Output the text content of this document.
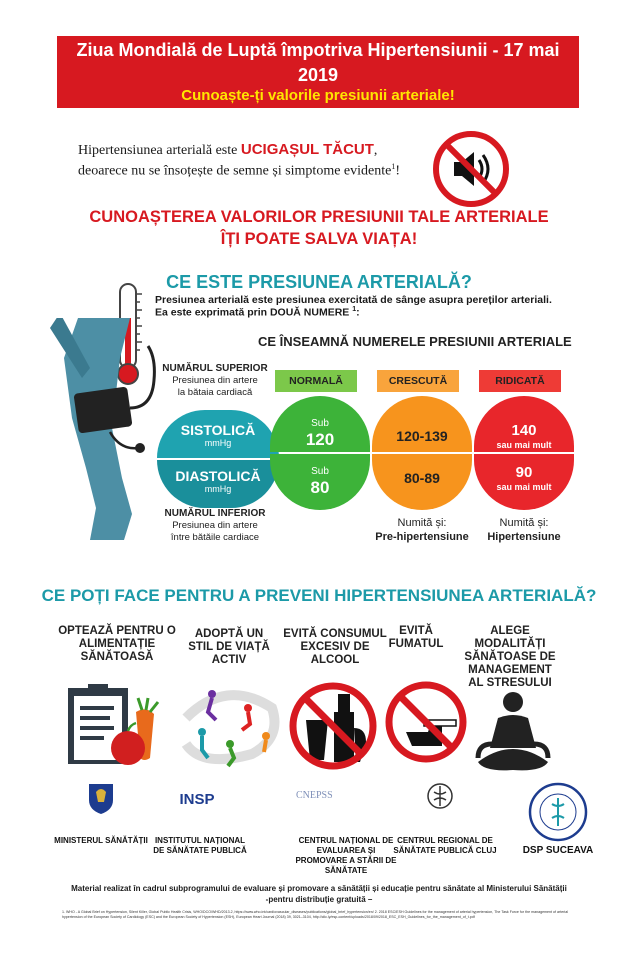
Ziua Mondială de Luptă împotriva Hipertensiunii - 17 mai
2019
Cunoaște-ți valorile presiunii arteriale!
Hipertensiunea arterială este UCIGAȘUL TĂCUT,
deoarece nu se însoțește de semne și simptome evidente$^1$!
CUNOAȘTEREA VALORILOR PRESIUNII TALE ARTERIALE
ÎȚI POATE SALVA VIAȚA!
CE ESTE PRESIUNEA ARTERIALĂ?
Presiunea arterială este presiunea exercitată de sânge asupra pereților arteriali.
Ea este exprimată prin DOUĂ NUMERE $^1$:
CE ÎNSEAMNĂ NUMERELE PRESIUNII ARTERIALE
NUMĂRUL SUPERIOR
Presiunea din artere
la bătaia cardiacă
NUMĂRUL INFERIOR
Presiunea din artere
între bătăile cardiace
SISTOLICĂ
mmHg
DIASTOLICĂ
mmHg
NORMALĂ
Sub
120
Sub
80
CRESCUTĂ
120-139
80-89
Numită și:
Pre-hipertensiune
RIDICATĂ
140
sau mai mult
90
sau mai mult
Numită și:
Hipertensiune
CE POȚI FACE PENTRU A PREVENI HIPERTENSIUNEA ARTERIALĂ?
OPTEAZĂ PENTRU O
ALIMENTAȚIE
SĂNĂTOASĂ
ADOPTĂ UN
STIL DE VIAȚĂ ACTIV
EVITĂ CONSUMUL
EXCESIV DE ALCOOL
EVITĂ
FUMATUL
ALEGE MODALITĂȚI
SĂNĂTOASE DE
MANAGEMENT
AL STRESULUI
MINISTERUL SĂNĂTĂȚII
INSP
INSTITUTUL NAȚIONAL
DE SĂNĂTATE PUBLICĂ
CNEPSS
CENTRUL NAȚIONAL DE EVALUAREA ȘI
PROMOVARE A STĂRII DE SĂNĂTATE
CENTRUL REGIONAL DE
SĂNĂTATE PUBLICĂ CLUJ	DSP SUCEAVA
Material realizat în cadrul subprogramului de evaluare și promovare a sănătății și educație pentru sănătate al Ministerului Sănătății
-pentru distribuție gratuită –
1. WHO - A Global Brief on Hypertension, Silent Killer, Global Public Health Crisis, WHO/DCO/WHD/2013.2, https://www.who.int/cardiovascular_diseases/publications/global_brief_hypertension/en/ 2. 2018 ESC/ESH Guidelines for the management of arterial hypertension, The Task Force for the management of arterial hypertension of the European Society of Cardiology (ESC) and the European Society of Hypertension (ESH), European Heart Journal (2018) 39, 3021–3104, http://clic.ly/esp-content/uploads/2018/09/2018_ESC_ESH_Guidelines_for_the_management_of_t.pdf
